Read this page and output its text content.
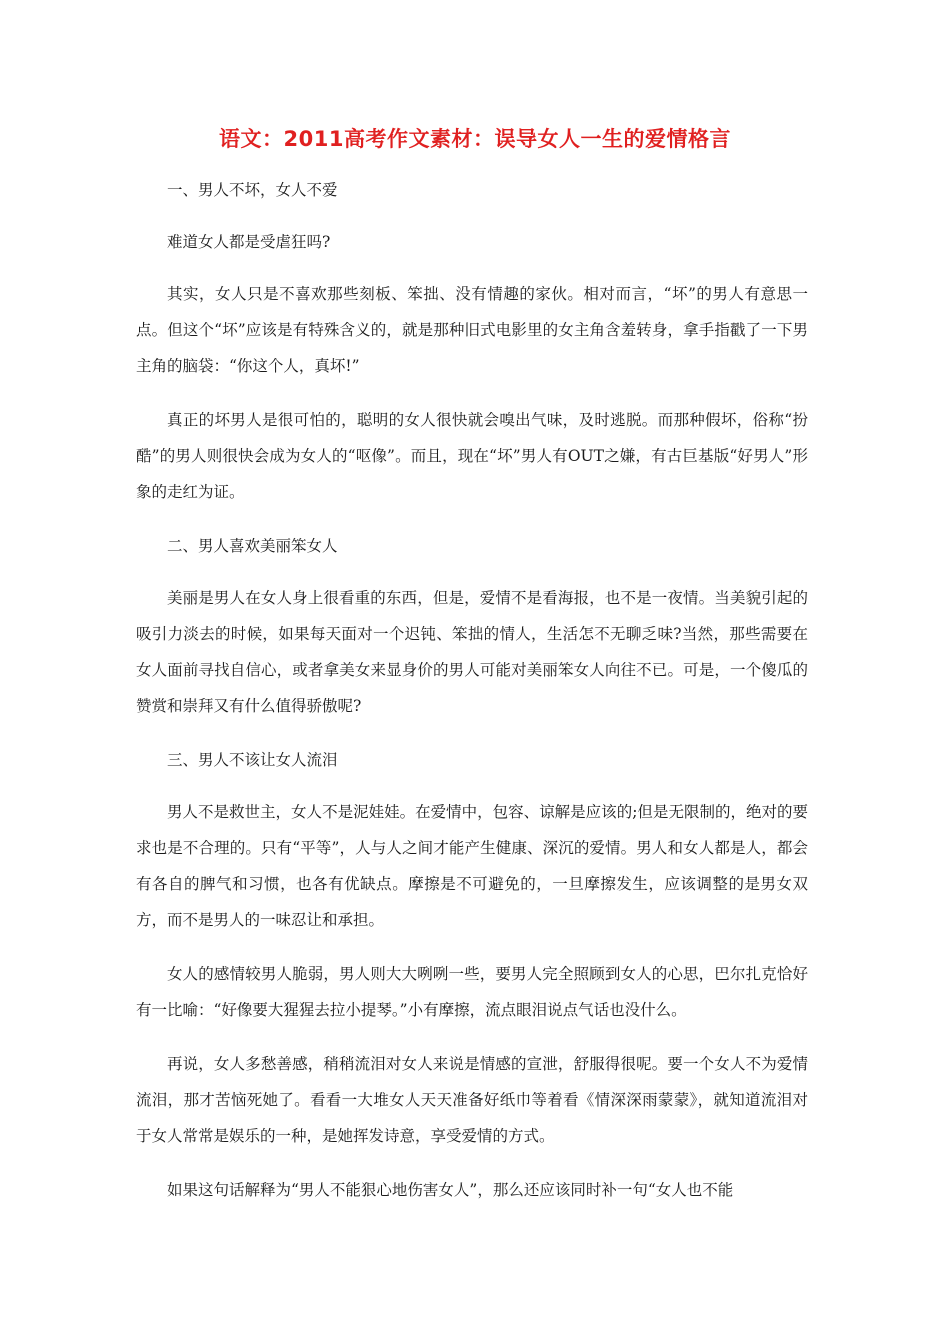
语文：2011高考作文素材：误导女人一生的爱情格言

一、男人不坏，女人不爱

难道女人都是受虐狂吗?

其实，女人只是不喜欢那些刻板、笨拙、没有情趣的家伙。相对而言，“坏”的男人有意思一点。但这个“坏”应该是有特殊含义的，就是那种旧式电影里的女主角含羞转身，拿手指戳了一下男主角的脑袋：“你这个人，真坏!”

真正的坏男人是很可怕的，聪明的女人很快就会嗅出气味，及时逃脱。而那种假坏，俗称“扮酷”的男人则很快会成为女人的“呕像”。而且，现在“坏”男人有OUT之嫌，有古巨基版“好男人”形象的走红为证。

二、男人喜欢美丽笨女人

美丽是男人在女人身上很看重的东西，但是，爱情不是看海报，也不是一夜情。当美貌引起的吸引力淡去的时候，如果每天面对一个迟钝、笨拙的情人，生活怎不无聊乏味?当然，那些需要在女人面前寻找自信心，或者拿美女来显身价的男人可能对美丽笨女人向往不已。可是，一个傻瓜的赞赏和崇拜又有什么值得骄傲呢?

三、男人不该让女人流泪

男人不是救世主，女人不是泥娃娃。在爱情中，包容、谅解是应该的;但是无限制的，绝对的要求也是不合理的。只有“平等”，人与人之间才能产生健康、深沉的爱情。男人和女人都是人，都会有各自的脾气和习惯，也各有优缺点。摩擦是不可避免的，一旦摩擦发生，应该调整的是男女双方，而不是男人的一味忍让和承担。

女人的感情较男人脆弱，男人则大大咧咧一些，要男人完全照顾到女人的心思，巴尔扎克恰好有一比喻：“好像要大猩猩去拉小提琴。”小有摩擦，流点眼泪说点气话也没什么。

再说，女人多愁善感，稍稍流泪对女人来说是情感的宣泄，舒服得很呢。要一个女人不为爱情流泪，那才苦恼死她了。看看一大堆女人天天准备好纸巾等着看《情深深雨蒙蒙》，就知道流泪对于女人常常是娱乐的一种，是她挥发诗意，享受爱情的方式。

如果这句话解释为“男人不能狠心地伤害女人”，那么还应该同时补一句“女人也不能
